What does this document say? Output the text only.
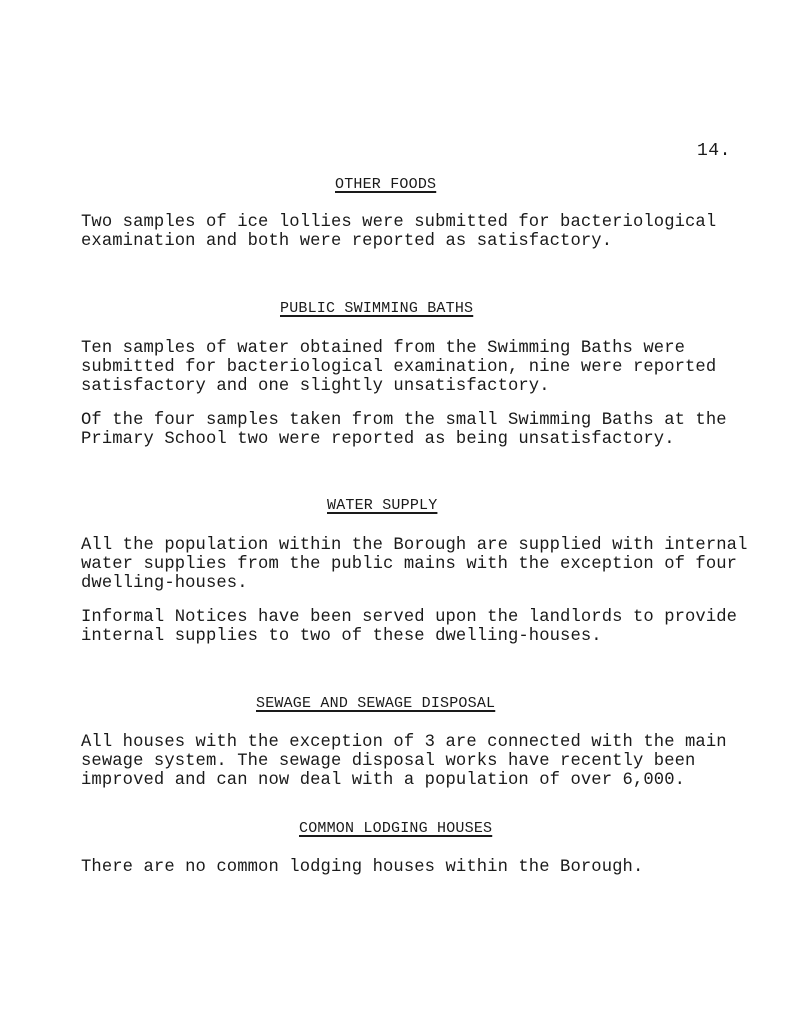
14.
OTHER FOODS
Two samples of ice lollies were submitted for bacteriological
examination and both were reported as satisfactory.
PUBLIC SWIMMING BATHS
Ten samples of water obtained from the Swimming Baths were
submitted for bacteriological examination, nine were reported
satisfactory and one slightly unsatisfactory.
Of the four samples taken from the small Swimming Baths at the
Primary School two were reported as being unsatisfactory.
WATER SUPPLY
All the population within the Borough are supplied with internal
water supplies from the public mains with the exception of four
dwelling-houses.
Informal Notices have been served upon the landlords to provide
internal supplies to two of these dwelling-houses.
SEWAGE AND SEWAGE DISPOSAL
All houses with the exception of 3 are connected with the main
sewage system. The sewage disposal works have recently been
improved and can now deal with a population of over 6,000.
COMMON LODGING HOUSES
There are no common lodging houses within the Borough.
